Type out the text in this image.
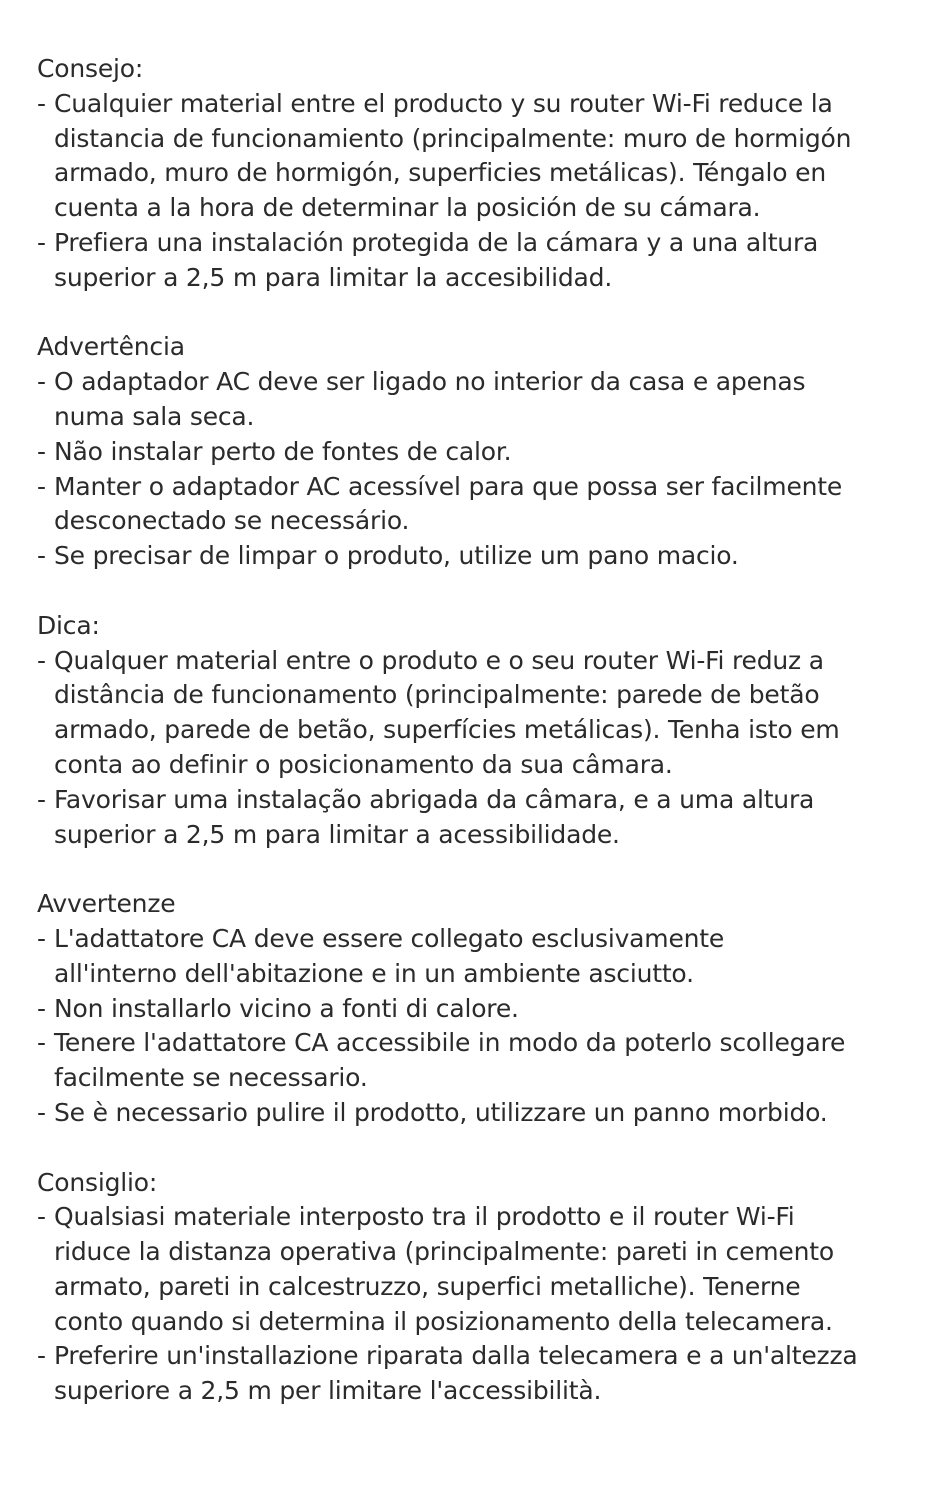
Consejo:

- Cualquier material entre el producto y su router Wi-Fi reduce la
distancia de funcionamiento (principalmente: muro de hormigón
armado, muro de hormigón, superficies metálicas). Téngalo en
cuenta a la hora de determinar la posición de su cámara.
- Prefiera una instalación protegida de la cámara y a una altura
superior a 2,5 m para limitar la accesibilidad.

Advertência

- O adaptador AC deve ser ligado no interior da casa e apenas
numa sala seca.
- Não instalar perto de fontes de calor.
- Manter o adaptador AC acessível para que possa ser facilmente
desconectado se necessário.
- Se precisar de limpar o produto, utilize um pano macio.

Dica:

- Qualquer material entre o produto e o seu router Wi-Fi reduz a
distância de funcionamento (principalmente: parede de betão
armado, parede de betão, superfícies metálicas). Tenha isto em
conta ao definir o posicionamento da sua câmara.
- Favorisar uma instalação abrigada da câmara, e a uma altura
superior a 2,5 m para limitar a acessibilidade.

Avvertenze

- L'adattatore CA deve essere collegato esclusivamente
all'interno dell'abitazione e in un ambiente asciutto.
- Non installarlo vicino a fonti di calore.
- Tenere l'adattatore CA accessibile in modo da poterlo scollegare
facilmente se necessario.
- Se è necessario pulire il prodotto, utilizzare un panno morbido.

Consiglio:

- Qualsiasi materiale interposto tra il prodotto e il router Wi-Fi
riduce la distanza operativa (principalmente: pareti in cemento
armato, pareti in calcestruzzo, superfici metalliche). Tenerne
conto quando si determina il posizionamento della telecamera.
- Preferire un'installazione riparata dalla telecamera e a un'altezza
superiore a 2,5 m per limitare l'accessibilità.
